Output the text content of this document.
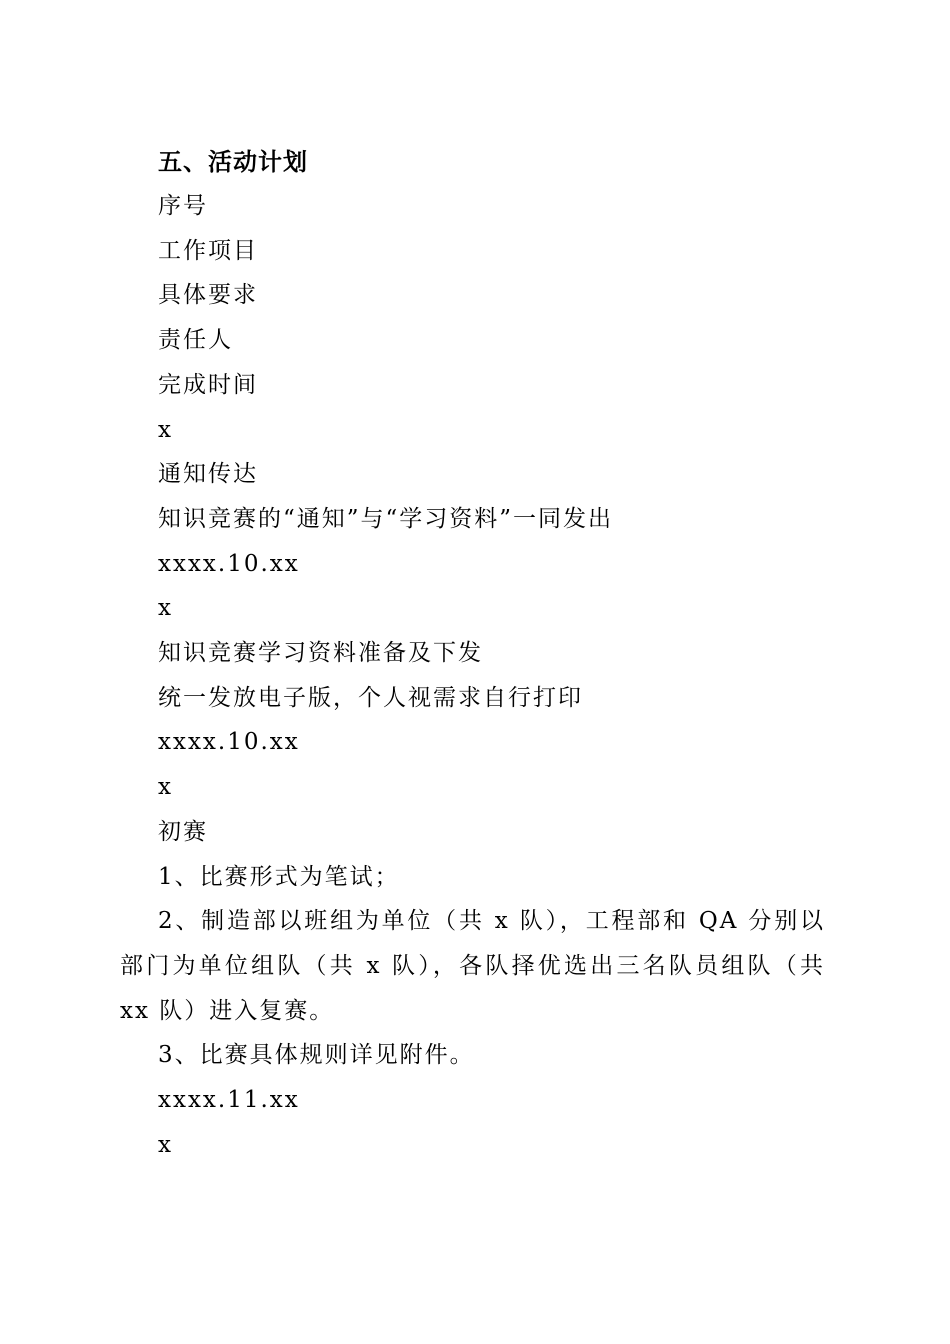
五、活动计划
序号
工作项目
具体要求
责任人
完成时间
x
通知传达
知识竞赛的“通知”与“学习资料”一同发出
xxxx.10.xx
x
知识竞赛学习资料准备及下发
统一发放电子版，个人视需求自行打印
xxxx.10.xx
x
初赛
1、比赛形式为笔试；
2、制造部以班组为单位（共 x 队），工程部和 QA 分别以部门为单位组队（共 x 队），各队择优选出三名队员组队（共 xx 队）进入复赛。
3、比赛具体规则详见附件。
xxxx.11.xx
x
